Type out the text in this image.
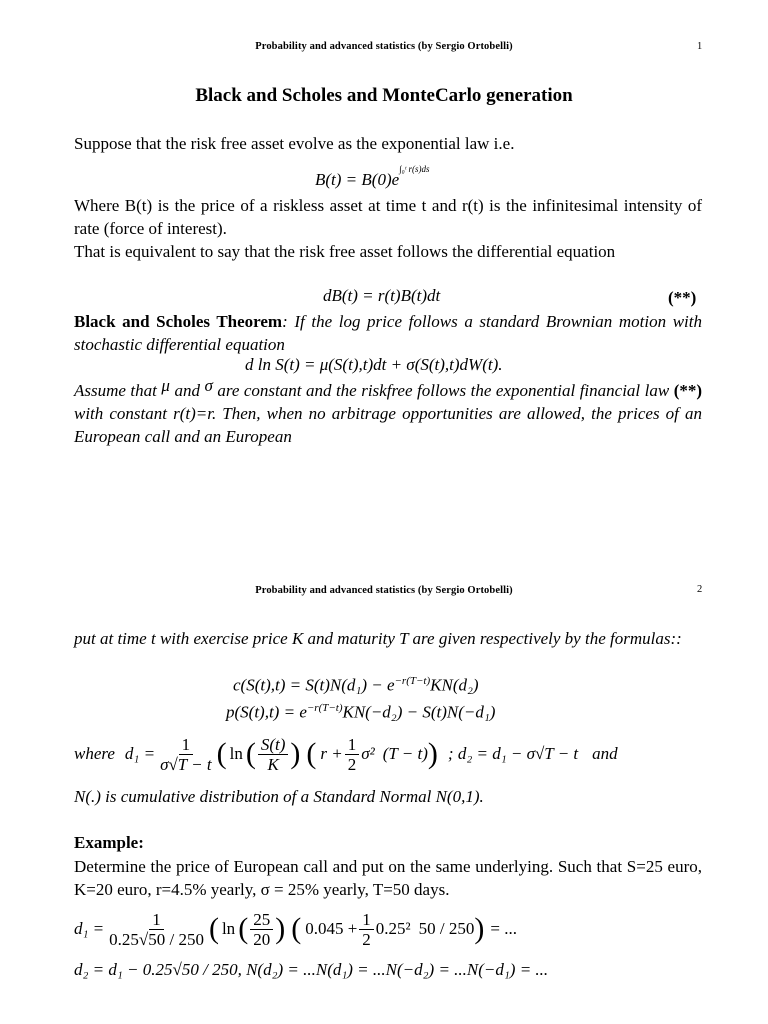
Probability and advanced statistics (by Sergio Ortobelli)	1
Black and Scholes and MonteCarlo generation
Suppose that the risk free asset evolve as the exponential law i.e.
$B(t) = B(0)e^{\int_0ᵗ r(s)ds}$
Where B(t) is the price of a riskless asset at time t and r(t) is the infinitesimal intensity of rate (force of interest).
That is equivalent to say that the risk free asset follows the differential equation
dB(t) = r(t)B(t)dt	(**)
Black and Scholes Theorem: If the log price follows a standard Brownian motion with stochastic differential equation
d ln S(t) = μ(S(t),t)dt + σ(S(t),t)dW(t).
Assume that μ and σ are constant and the riskfree follows the exponential financial law (**) with constant r(t)=r. Then, when no arbitrage opportunities are allowed, the prices of an European call and an European
Probability and advanced statistics (by Sergio Ortobelli)	2
put at time t with exercise price K and maturity T are given respectively by the formulas::
$c(S(t),t) = S(t)N(d_1) - e^{-r(T-t)}KN(d_2)$
$p(S(t),t) = e^{-r(T-t)}KN(-d_2) - S(t)N(-d_1)$
where $d_1 = \frac{1}{\sigma√T - t}$ ( ln ( $\frac{S(t)}{K}$ ) ( $r + \frac{1}{2} \sigma^2$ (T − t) ) ; d₂ = d₁ − σ√T − t and
N(.) is cumulative distribution of a Standard Normal N(0,1).
Example:
Determine the price of European call and put on the same underlying. Such that S=25 euro, K=20 euro, r=4.5% yearly, σ = 25% yearly, T=50 days.
$d_1 = \frac{1}{0.25√50 / 250}$ ( ln ( $\frac{25}{20}$ ) ( $0.045 + \frac{1}{2} 0.25^2$ 50 / 250 ) = ...
d₂ = d₁ − 0.25√50 / 250, N(d₂) = ...N(d₁) = ...N(−d₂) = ...N(−d₁) = ...
